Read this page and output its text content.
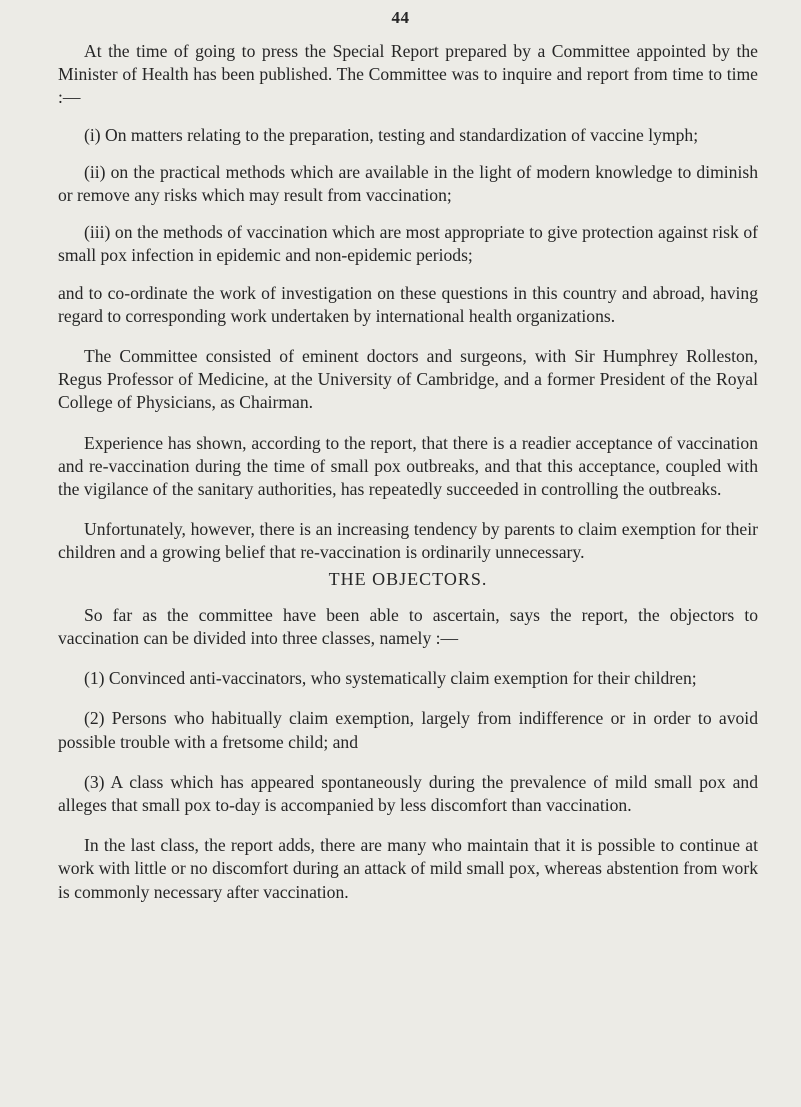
44

At the time of going to press the Special Report prepared by a Committee appointed by the Minister of Health has been published. The Committee was to inquire and report from time to time :—

(i) On matters relating to the preparation, testing and standardization of vaccine lymph;

(ii) on the practical methods which are available in the light of modern knowledge to diminish or remove any risks which may result from vaccination;

(iii) on the methods of vaccination which are most appropriate to give protection against risk of small pox infection in epidemic and non-epidemic periods;

and to co-ordinate the work of investigation on these questions in this country and abroad, having regard to corresponding work undertaken by international health organizations.

The Committee consisted of eminent doctors and surgeons, with Sir Humphrey Rolleston, Regus Professor of Medicine, at the University of Cambridge, and a former President of the Royal College of Physicians, as Chairman.

Experience has shown, according to the report, that there is a readier acceptance of vaccination and re-vaccination during the time of small pox outbreaks, and that this acceptance, coupled with the vigilance of the sanitary authorities, has repeatedly succeeded in controlling the outbreaks.

Unfortunately, however, there is an increasing tendency by parents to claim exemption for their children and a growing belief that re-vaccination is ordinarily unnecessary.

THE OBJECTORS.

So far as the committee have been able to ascertain, says the report, the objectors to vaccination can be divided into three classes, namely :—

(1) Convinced anti-vaccinators, who systematically claim exemption for their children;

(2) Persons who habitually claim exemption, largely from indifference or in order to avoid possible trouble with a fretsome child; and

(3) A class which has appeared spontaneously during the prevalence of mild small pox and alleges that small pox to-day is accompanied by less discomfort than vaccination.

In the last class, the report adds, there are many who maintain that it is possible to continue at work with little or no discomfort during an attack of mild small pox, whereas abstention from work is commonly necessary after vaccination.
